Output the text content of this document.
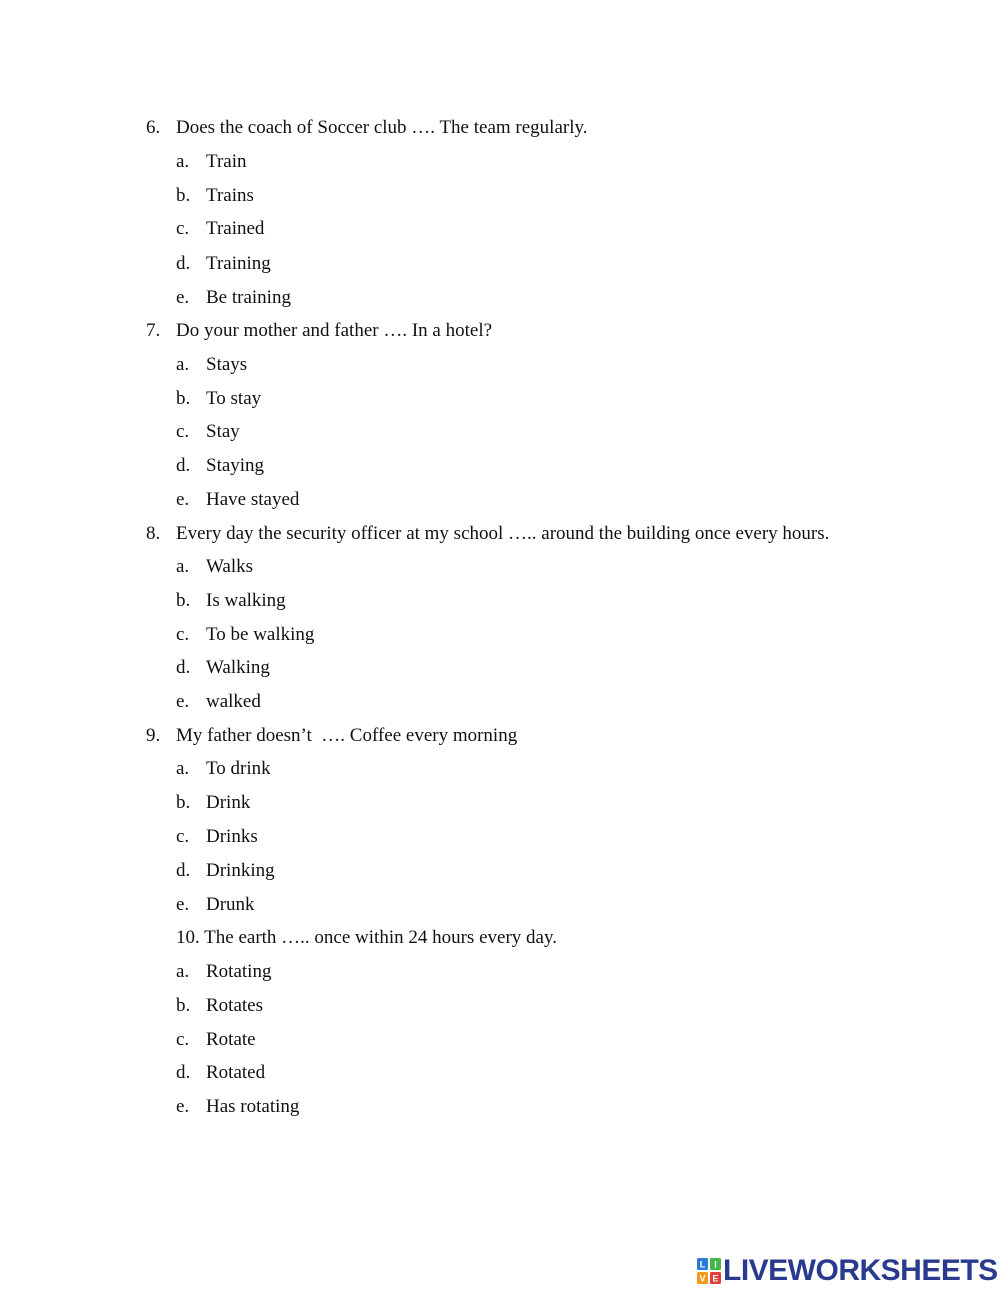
6. Does the coach of Soccer club …. The team regularly.
a. Train
b. Trains
c. Trained
d. Training
e. Be training
7. Do your mother and father …. In a hotel?
a. Stays
b. To stay
c. Stay
d. Staying
e. Have stayed
8. Every day the security officer at my school ….. around the building once every hours.
a. Walks
b. Is walking
c. To be walking
d. Walking
e. walked
9. My father doesn’t  …. Coffee every morning
a. To drink
b. Drink
c. Drinks
d. Drinking
e. Drunk
10. The earth ….. once within 24 hours every day.
a. Rotating
b. Rotates
c. Rotate
d. Rotated
e. Has rotating
L I
V E LIVEWORKSHEETS
